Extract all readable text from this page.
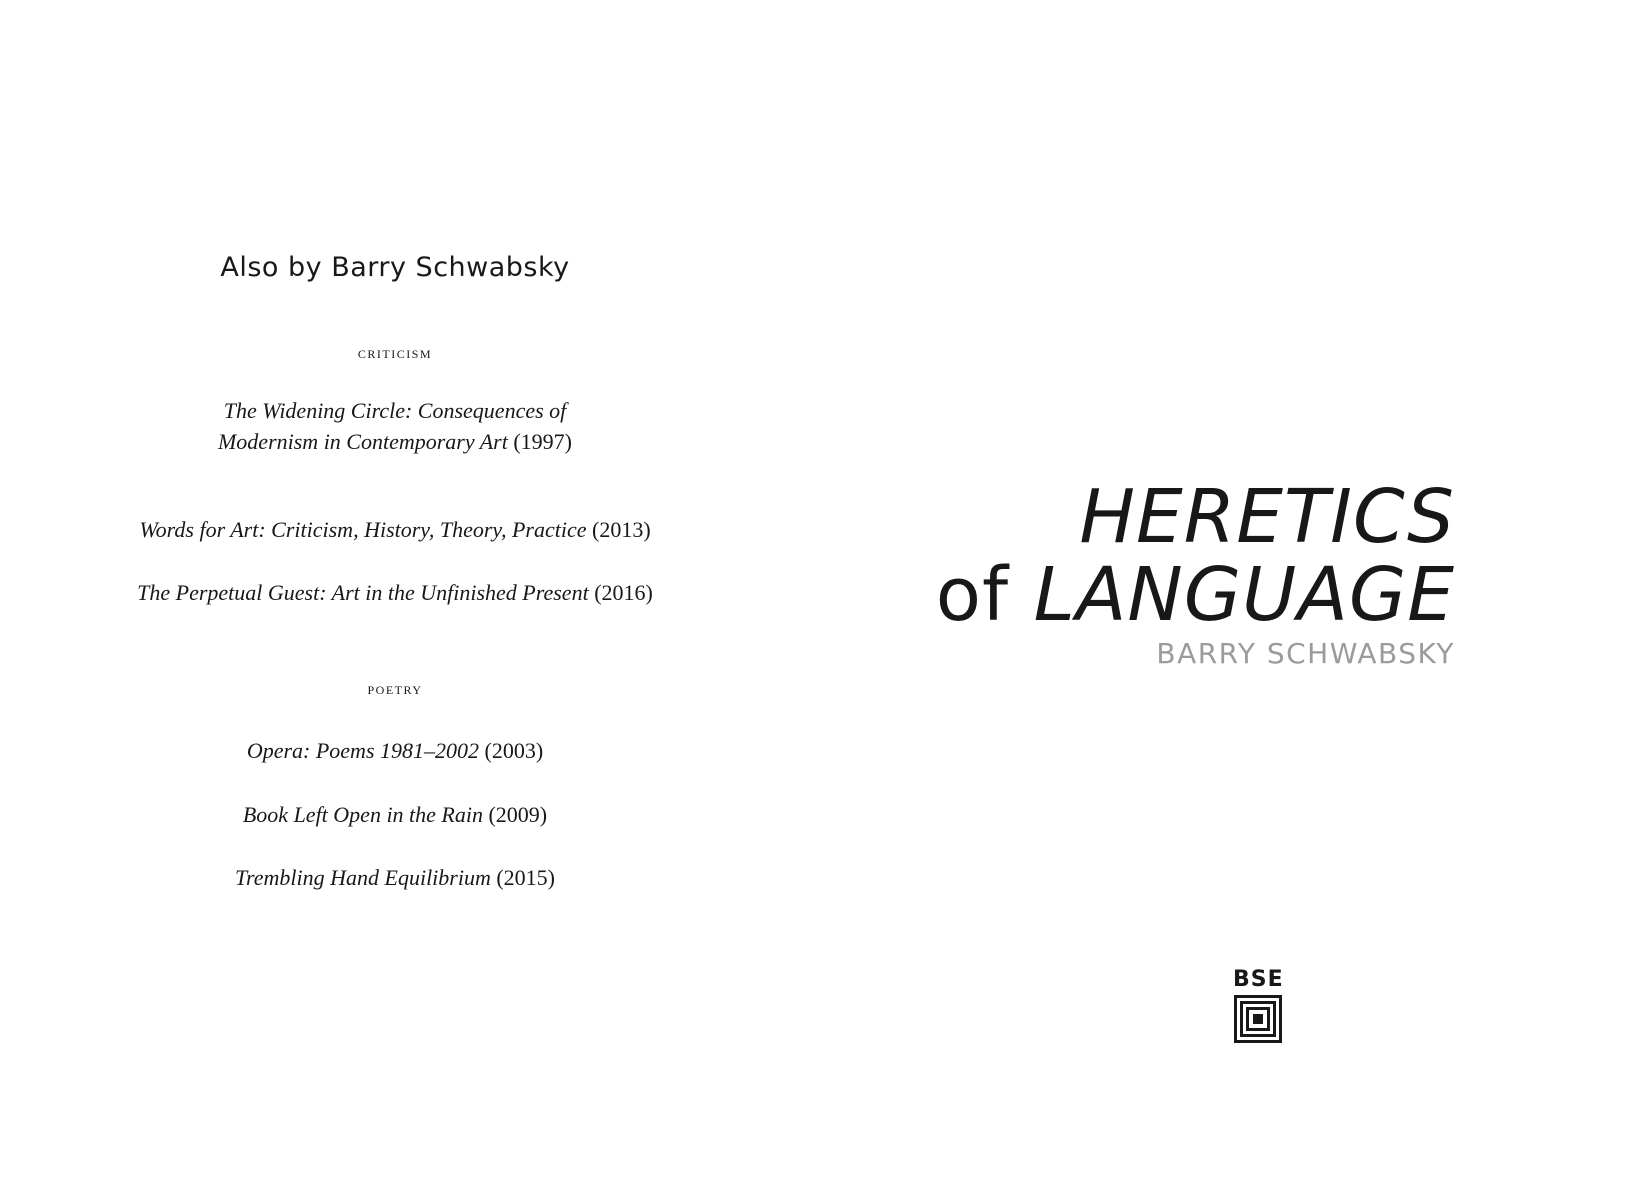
Also by Barry Schwabsky
criticism
The Widening Circle: Consequences of
Modernism in Contemporary Art (1997)
Words for Art: Criticism, History, Theory, Practice (2013)
The Perpetual Guest: Art in the Unfinished Present (2016)
poetry
Opera: Poems 1981–2002 (2003)
Book Left Open in the Rain (2009)
Trembling Hand Equilibrium (2015)
HERETICS
of LANGUAGE
BARRY SCHWABSKY
BSE
